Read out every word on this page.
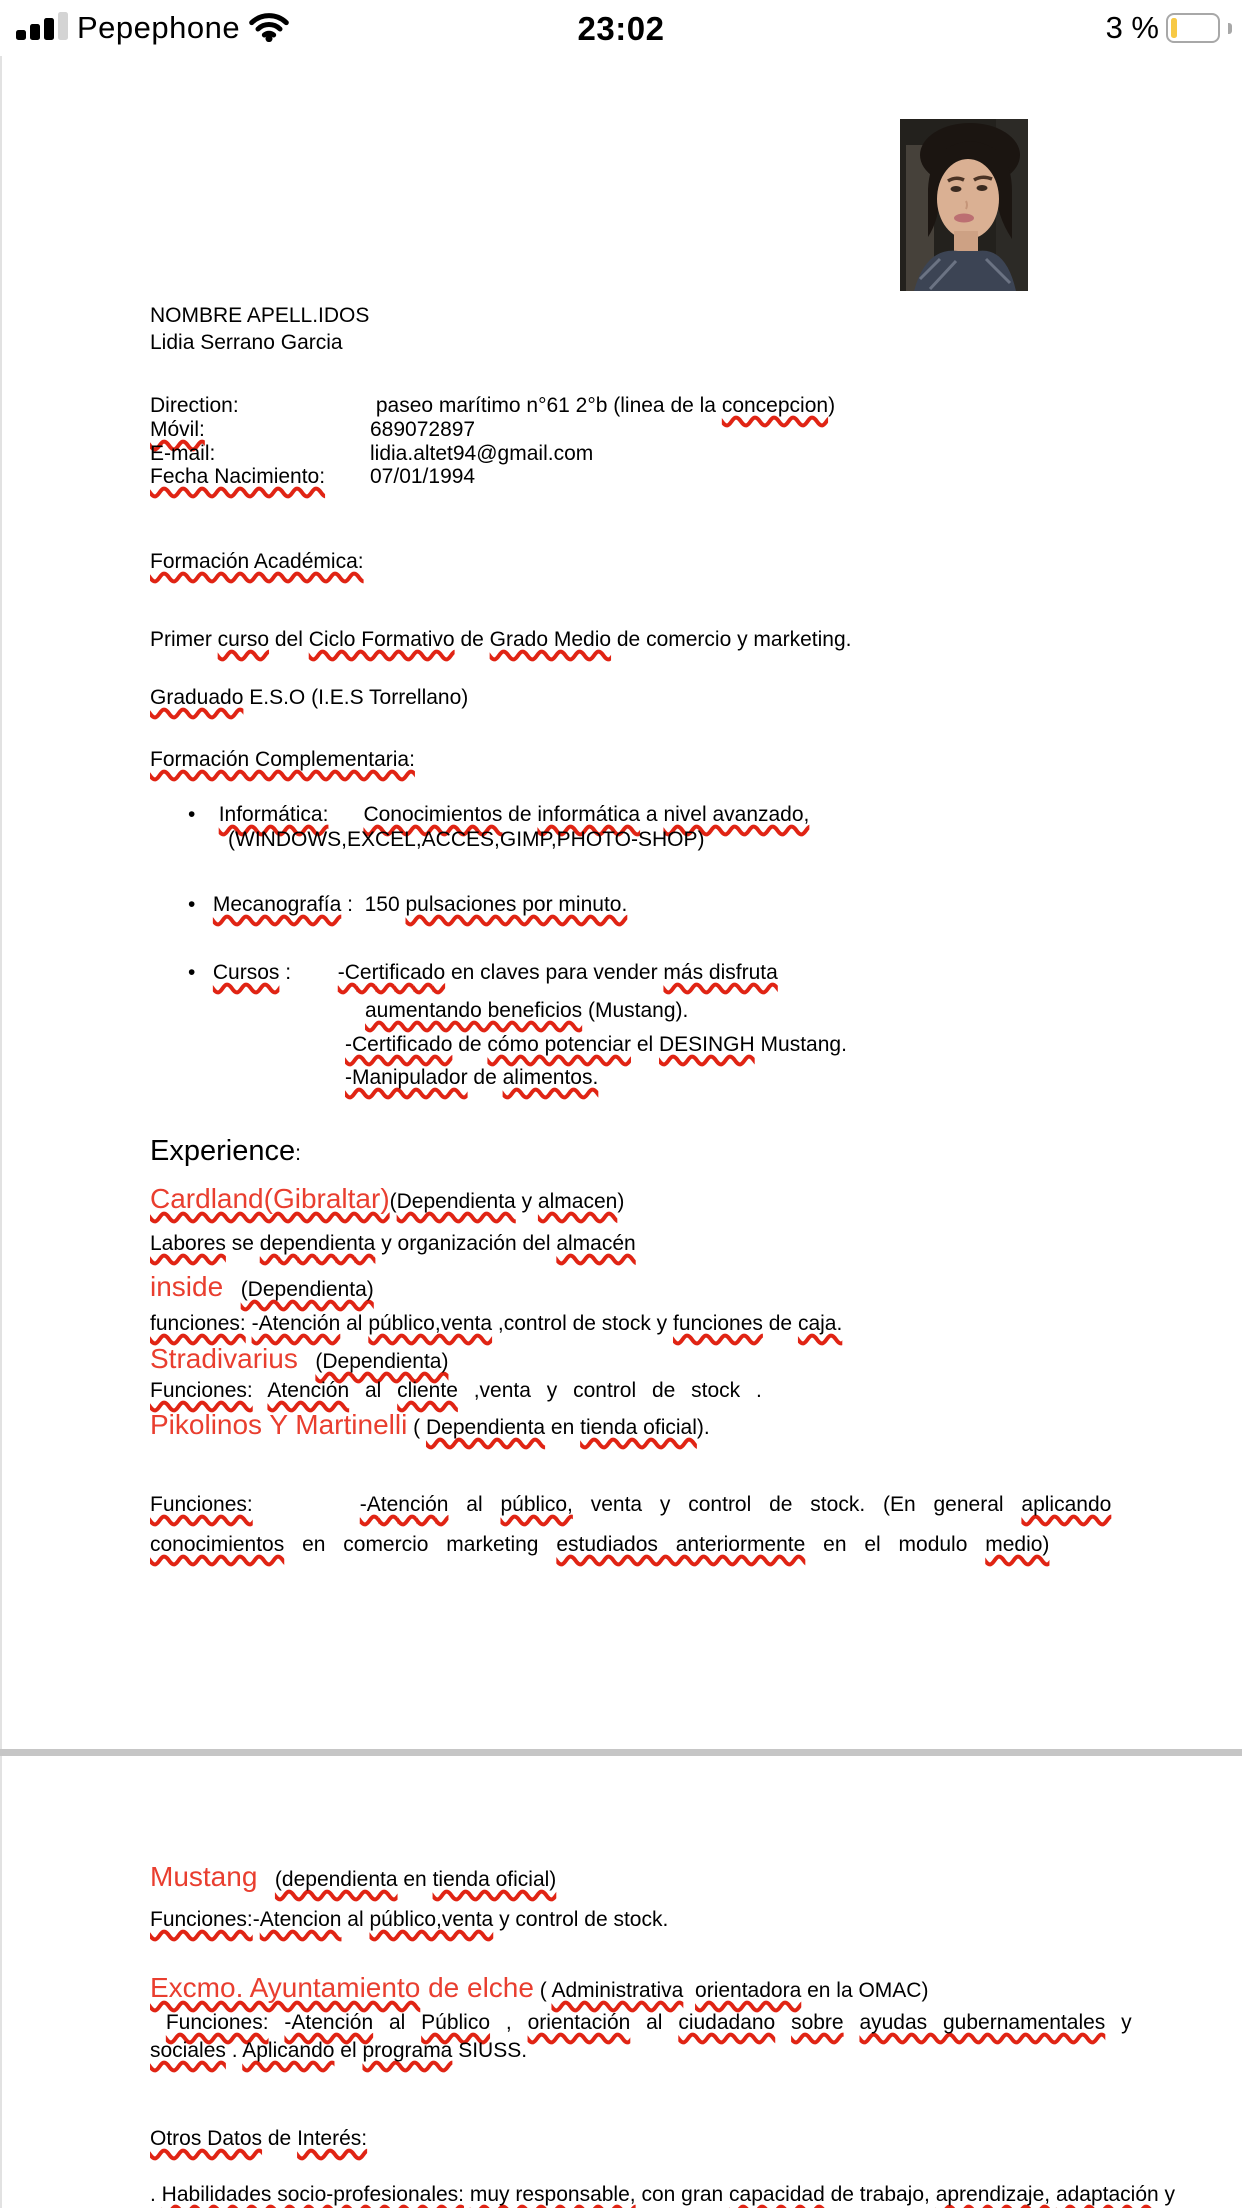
Pepephone	23:02	3 %
NOMBRE APELL.IDOS
Lidia Serrano Garcia
Direction:	paseo marítimo n°61 2°b (linea de la concepcion)
Móvil:	689072897
E-mail:	lidia.altet94@gmail.com
Fecha Nacimiento: 07/01/1994
Formación Académica:
Primer curso del Ciclo Formativo de Grado Medio de comercio y marketing.
Graduado E.S.O (I.E.S Torrellano)
Formación Complementaria:
•    Informática: Conocimientos de informática a nivel avanzado,
(WINDOWS,EXCEL,ACCES,GIMP,PHOTO-SHOP)
•   Mecanografía :  150 pulsaciones por minuto.
•   Cursos :        -Certificado en claves para vender más disfruta
aumentando beneficios (Mustang).
-Certificado de cómo potenciar el DESINGH Mustang.
-Manipulador de alimentos.
Experience:
Cardland(Gibraltar)(Dependienta y almacen)
Labores se dependienta y organización del almacén
inside (Dependienta)
funciones: -Atención al público,venta ,control de stock y funciones de caja.
Stradivarius (Dependienta)
Funciones: Atención al cliente ,venta y control de stock .
Pikolinos Y Martinelli ( Dependienta en tienda oficial).
Funciones:	-Atención al público, venta y control de stock. (En general aplicando
conocimientos en comercio marketing estudiados anteriormente en el modulo medio)
Mustang (dependienta en tienda oficial)
Funciones:-Atencion al público,venta y control de stock.
Excmo. Ayuntamiento de elche ( Administrativa orientadora en la OMAC)
Funciones: -Atención al Público , orientación al ciudadano sobre ayudas gubernamentales y
sociales . Aplicando el programa SIUSS.
Otros Datos de Interés:
. Habilidades socio-profesionales: muy responsable, con gran capacidad de trabajo, aprendizaje, adaptación y
